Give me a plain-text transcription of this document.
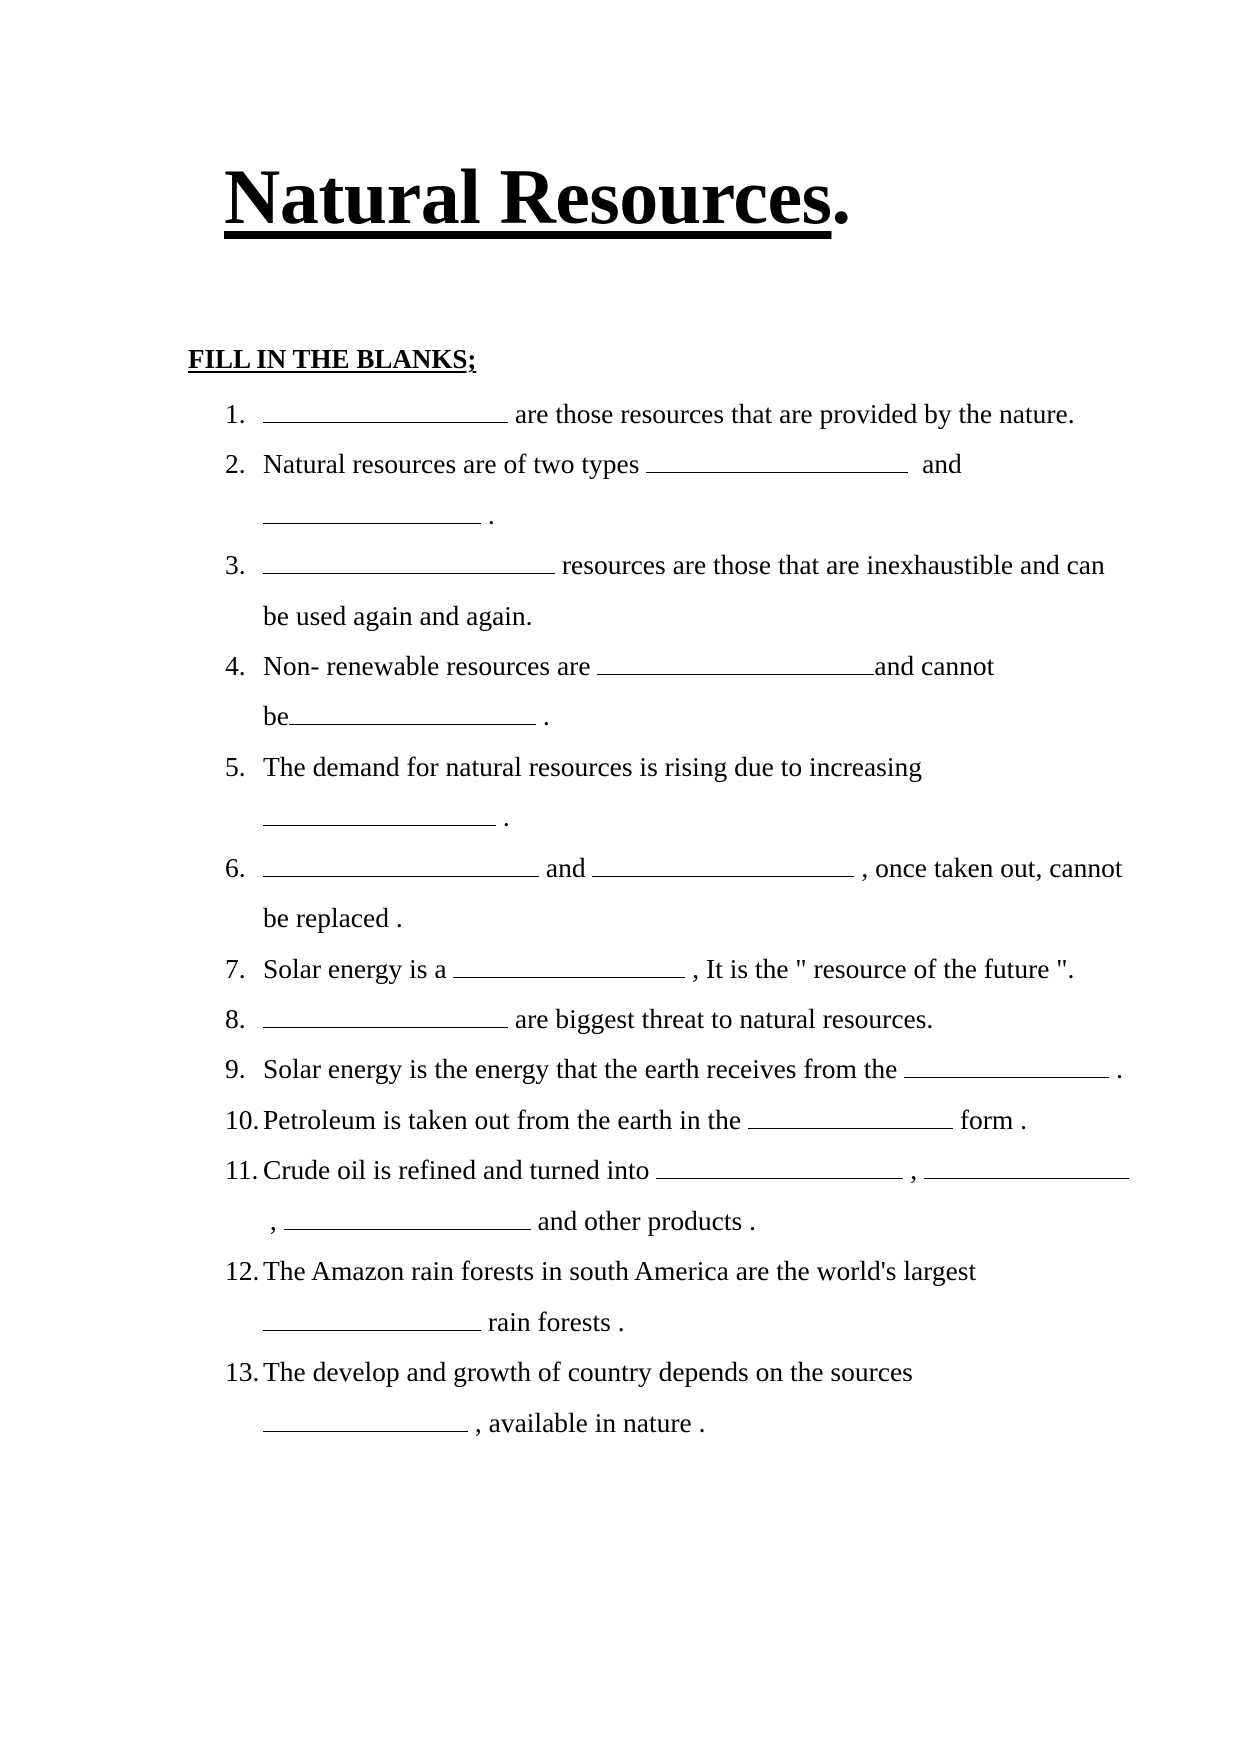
Natural Resources.
FILL IN THE BLANKS;
1.	are those resources that are provided by the nature.
2. Natural resources are of two types	and
.
3.	resources are those that are inexhaustible and can
be used again and again.
4. Non- renewable resources are	and cannot
be	.
5. The demand for natural resources is rising due to increasing
.
6.	and	, once taken out, cannot
be replaced .
7. Solar energy is a	, It is the " resource of the future ".
8.	are biggest threat to natural resources.
9. Solar energy is the energy that the earth receives from the	.
10. Petroleum is taken out from the earth in the	form .
11. Crude oil is refined and turned into	,
,	and other products .
12. The Amazon rain forests in south America are the world's largest
rain forests .
13. The develop and growth of country depends on the sources
, available in nature .
